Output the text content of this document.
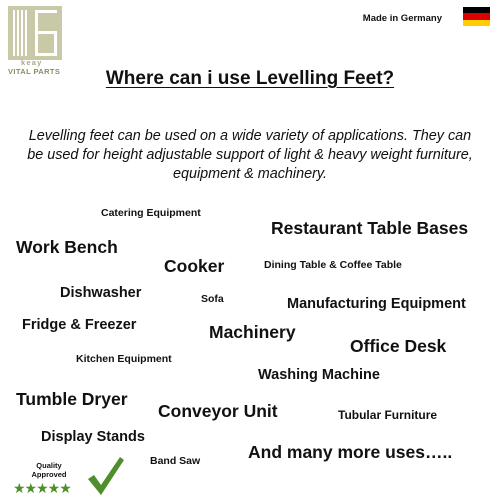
keay
VITAL PARTS
Made in Germany
Where can i use Levelling Feet?
Levelling feet can be used on a wide variety of applications. They can be used for height adjustable support of light & heavy weight furniture, equipment & machinery.
Catering Equipment
Restaurant Table Bases
Work Bench
Cooker	Dining Table & Coffee Table
Dishwasher	Sofa	Manufacturing Equipment
Fridge & Freezer	Machinery
Office Desk
Kitchen Equipment
Washing Machine
Tumble Dryer
Conveyor Unit	Tubular Furniture
Display Stands
And many more uses…..
Band Saw
Quality
Approved
★★★★★
